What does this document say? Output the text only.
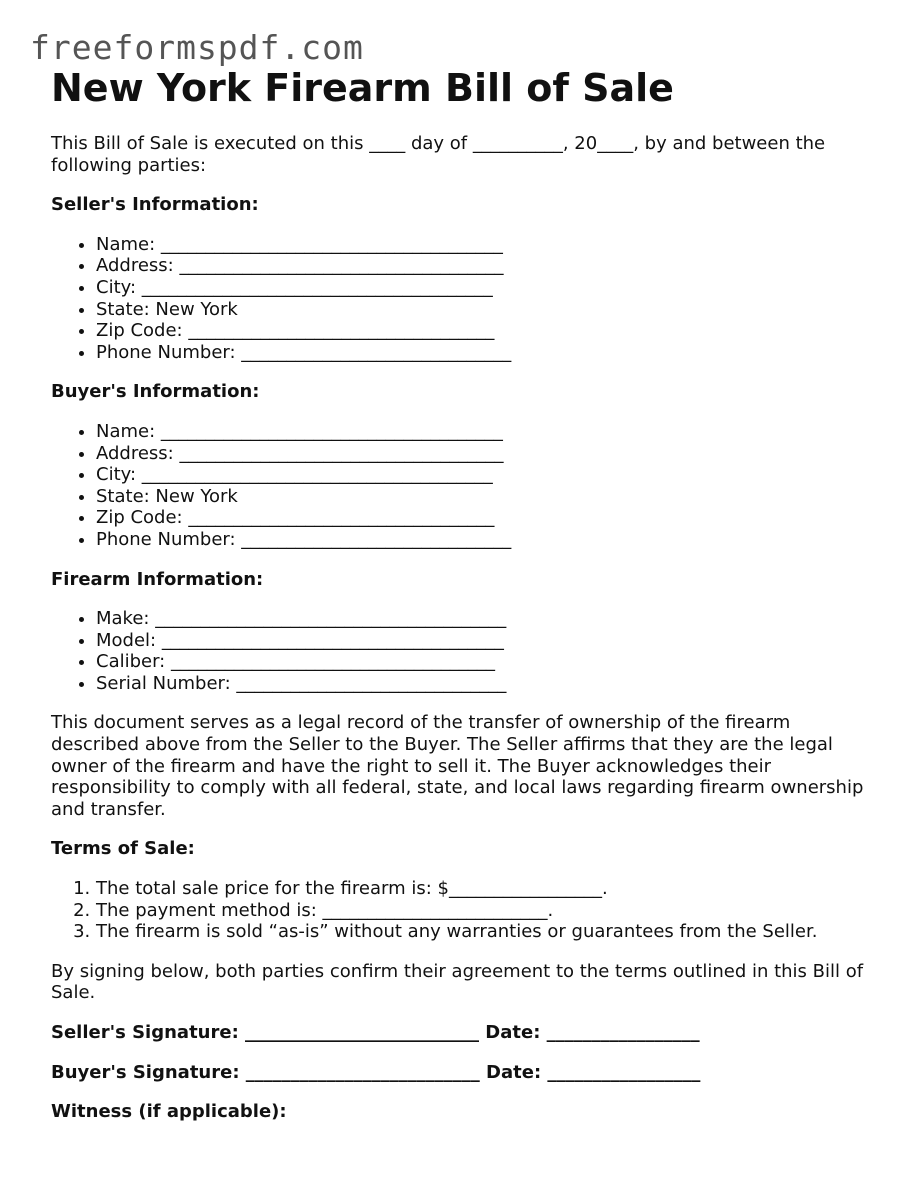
freeformspdf.com
New York Firearm Bill of Sale

This Bill of Sale is executed on this ____ day of __________, 20____, by and between the following parties:

Seller's Information:
• Name: ______________________________________
• Address: ____________________________________
• City: _______________________________________
• State: New York
• Zip Code: __________________________________
• Phone Number: ______________________________
Buyer's Information:
• Name: ______________________________________
• Address: ____________________________________
• City: _______________________________________
• State: New York
• Zip Code: __________________________________
• Phone Number: ______________________________
Firearm Information:
• Make: _______________________________________
• Model: ______________________________________
• Caliber: ____________________________________
• Serial Number: ______________________________

This document serves as a legal record of the transfer of ownership of the firearm described above from the Seller to the Buyer. The Seller affirms that they are the legal owner of the firearm and have the right to sell it. The Buyer acknowledges their responsibility to comply with all federal, state, and local laws regarding firearm ownership and transfer.

Terms of Sale:
1. The total sale price for the firearm is: $_________________.
2. The payment method is: _________________________.
3. The firearm is sold “as-is” without any warranties or guarantees from the Seller.

By signing below, both parties confirm their agreement to the terms outlined in this Bill of Sale.

Seller's Signature: __________________________ Date: _________________

Buyer's Signature: __________________________ Date: _________________

Witness (if applicable):
